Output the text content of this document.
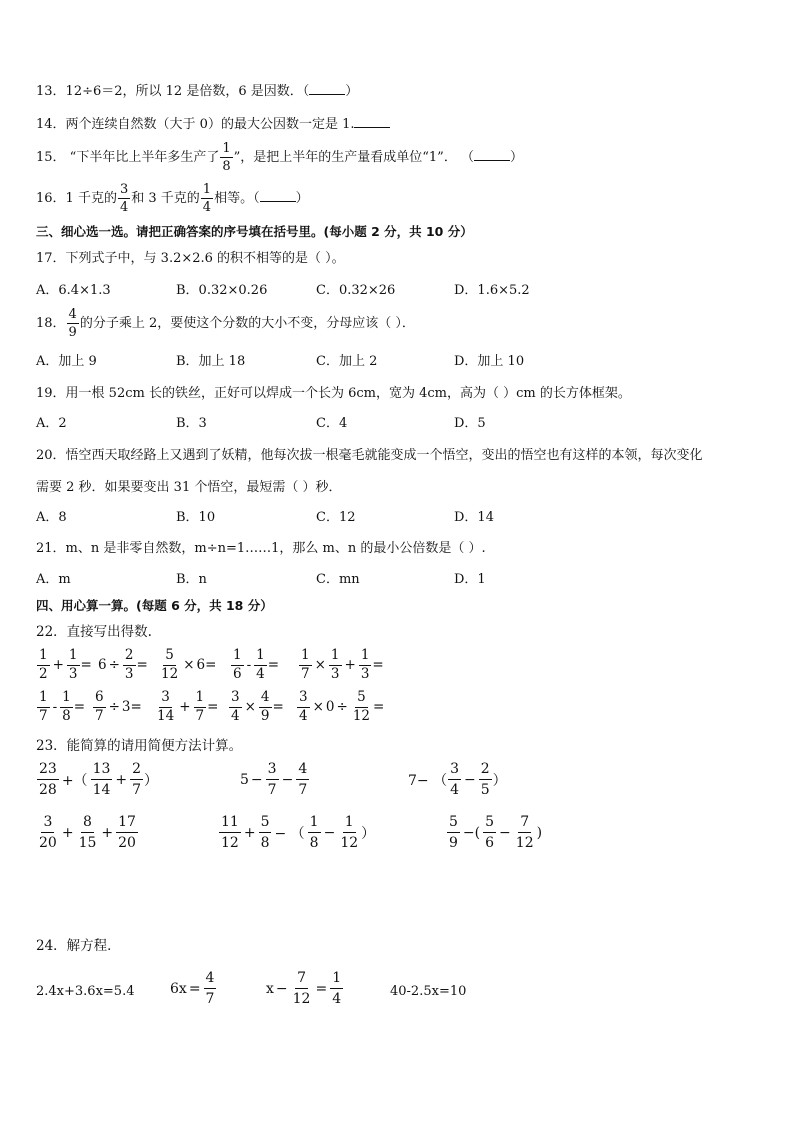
13．12÷6＝2，所以 12 是倍数，6 是因数．（	）
14．两个连续自然数（大于 0）的最大公因数一定是 1.
15． “下半年比上半年多生产了 $\frac{1}{8}$ ”，是把上半年的生产量看成单位“1”． （	）
16．1 千克的 $\frac{3}{4}$ 和 3 千克的 $\frac{1}{4}$ 相等。（	）
三、细心选一选。请把正确答案的序号填在括号里。(每小题 2 分，共 10 分）
17．下列式子中，与 3.2×2.6 的积不相等的是（ ）。
A．6.4×1.3	B．0.32×0.26	C．0.32×26	D．1.6×5.2
18． $\frac{4}{9}$ 的分子乘上 2，要使这个分数的大小不变，分母应该（ ）．
A．加上 9	B．加上 18	C．加上 2	D．加上 10
19．用一根 52cm 长的铁丝，正好可以焊成一个长为 6cm，宽为 4cm，高为（ ）cm 的长方体框架。
A．2	B．3	C．4	D．5
20．悟空西天取经路上又遇到了妖精，他每次拔一根毫毛就能变成一个悟空，变出的悟空也有这样的本领，每次变化
需要 2 秒．如果要变出 31 个悟空，最短需（ ）秒．
A．8	B．10	C．12	D．14
21．m、n 是非零自然数，m÷n=1……1，那么 m、n 的最小公倍数是（ ）.
A．m	B．n	C．mn	D．1
四、用心算一算。(每题 6 分，共 18 分）
22．直接写出得数.
$\frac{1}{2} + \frac{1}{3} = 6 \div \frac{2}{3} = \frac{5}{12} \times 6= \frac{1}{6} - \frac{1}{4} = \frac{1}{7} \times \frac{1}{3} + \frac{1}{3}$ =
$\frac{1}{7} - \frac{1}{8} = \frac{6}{7} \div 3= \frac{3}{14} + \frac{1}{7} = \frac{3}{4} \times \frac{4}{9} = \frac{3}{4} \times 0 \div \frac{5}{12}$ =
23．能简算的请用简便方法计算。
$\frac{23}{28}$ +（ $\frac{13}{14} + \frac{2}{7}$ ）	$5 - \frac{3}{7} - \frac{4}{7}$	7− （ $\frac{3}{4} - \frac{2}{5}$ ）
$\frac{3}{20} + \frac{8}{15} + \frac{17}{20}$	$\frac{11}{12} + \frac{5}{8}$ − （ $\frac{1}{8} - \frac{1}{12}$ ）	$\frac{5}{9}$ −( $\frac{5}{6} - \frac{7}{12}$ )
24．解方程．
2.4x+3.6x=5.4	$6x = \frac{4}{7}$	$x - \frac{7}{12} = \frac{1}{4}$	40-2.5x=10
